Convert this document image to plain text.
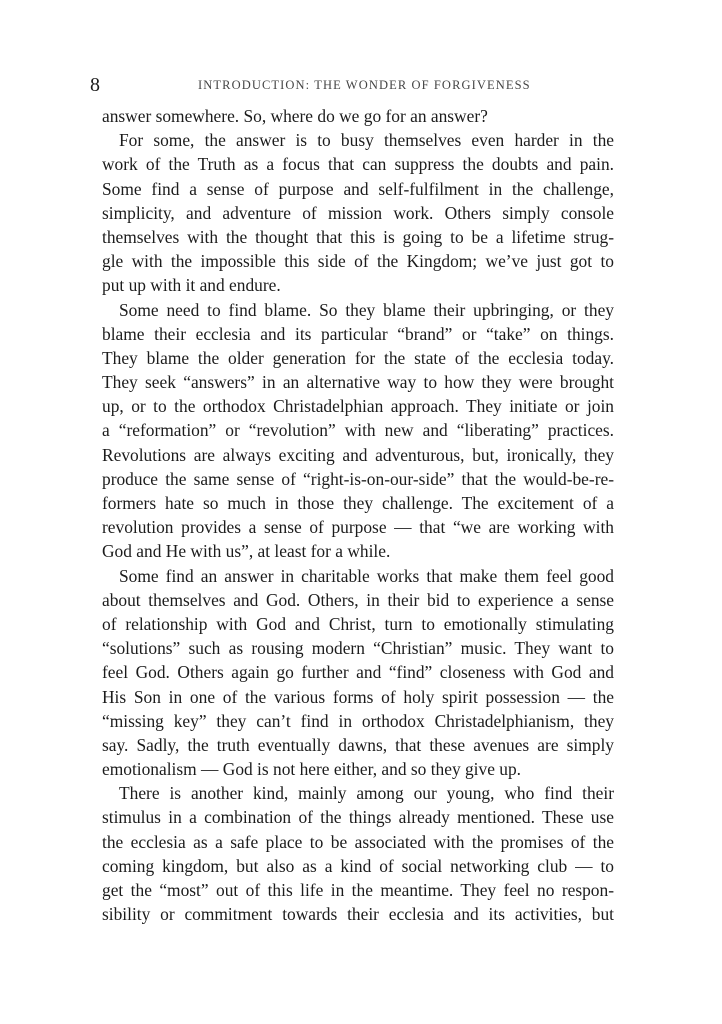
8	INTRODUCTION: THE WONDER OF FORGIVENESS
answer somewhere. So, where do we go for an answer?
For some, the answer is to busy themselves even harder in the
work of the Truth as a focus that can suppress the doubts and pain.
Some find a sense of purpose and self-fulfilment in the challenge,
simplicity, and adventure of mission work. Others simply console
themselves with the thought that this is going to be a lifetime strug-
gle with the impossible this side of the Kingdom; we’ve just got to
put up with it and endure.
Some need to find blame. So they blame their upbringing, or they
blame their ecclesia and its particular “brand” or “take” on things.
They blame the older generation for the state of the ecclesia today.
They seek “answers” in an alternative way to how they were brought
up, or to the orthodox Christadelphian approach. They initiate or join
a “reformation” or “revolution” with new and “liberating” practices.
Revolutions are always exciting and adventurous, but, ironically, they
produce the same sense of “right-is-on-our-side” that the would-be-re-
formers hate so much in those they challenge. The excitement of a
revolution provides a sense of purpose — that “we are working with
God and He with us”, at least for a while.
Some find an answer in charitable works that make them feel good
about themselves and God. Others, in their bid to experience a sense
of relationship with God and Christ, turn to emotionally stimulating
“solutions” such as rousing modern “Christian” music. They want to
feel God. Others again go further and “find” closeness with God and
His Son in one of the various forms of holy spirit possession — the
“missing key” they can’t find in orthodox Christadelphianism, they
say. Sadly, the truth eventually dawns, that these avenues are simply
emotionalism — God is not here either, and so they give up.
There is another kind, mainly among our young, who find their
stimulus in a combination of the things already mentioned. These use
the ecclesia as a safe place to be associated with the promises of the
coming kingdom, but also as a kind of social networking club — to
get the “most” out of this life in the meantime. They feel no respon-
sibility or commitment towards their ecclesia and its activities, but
